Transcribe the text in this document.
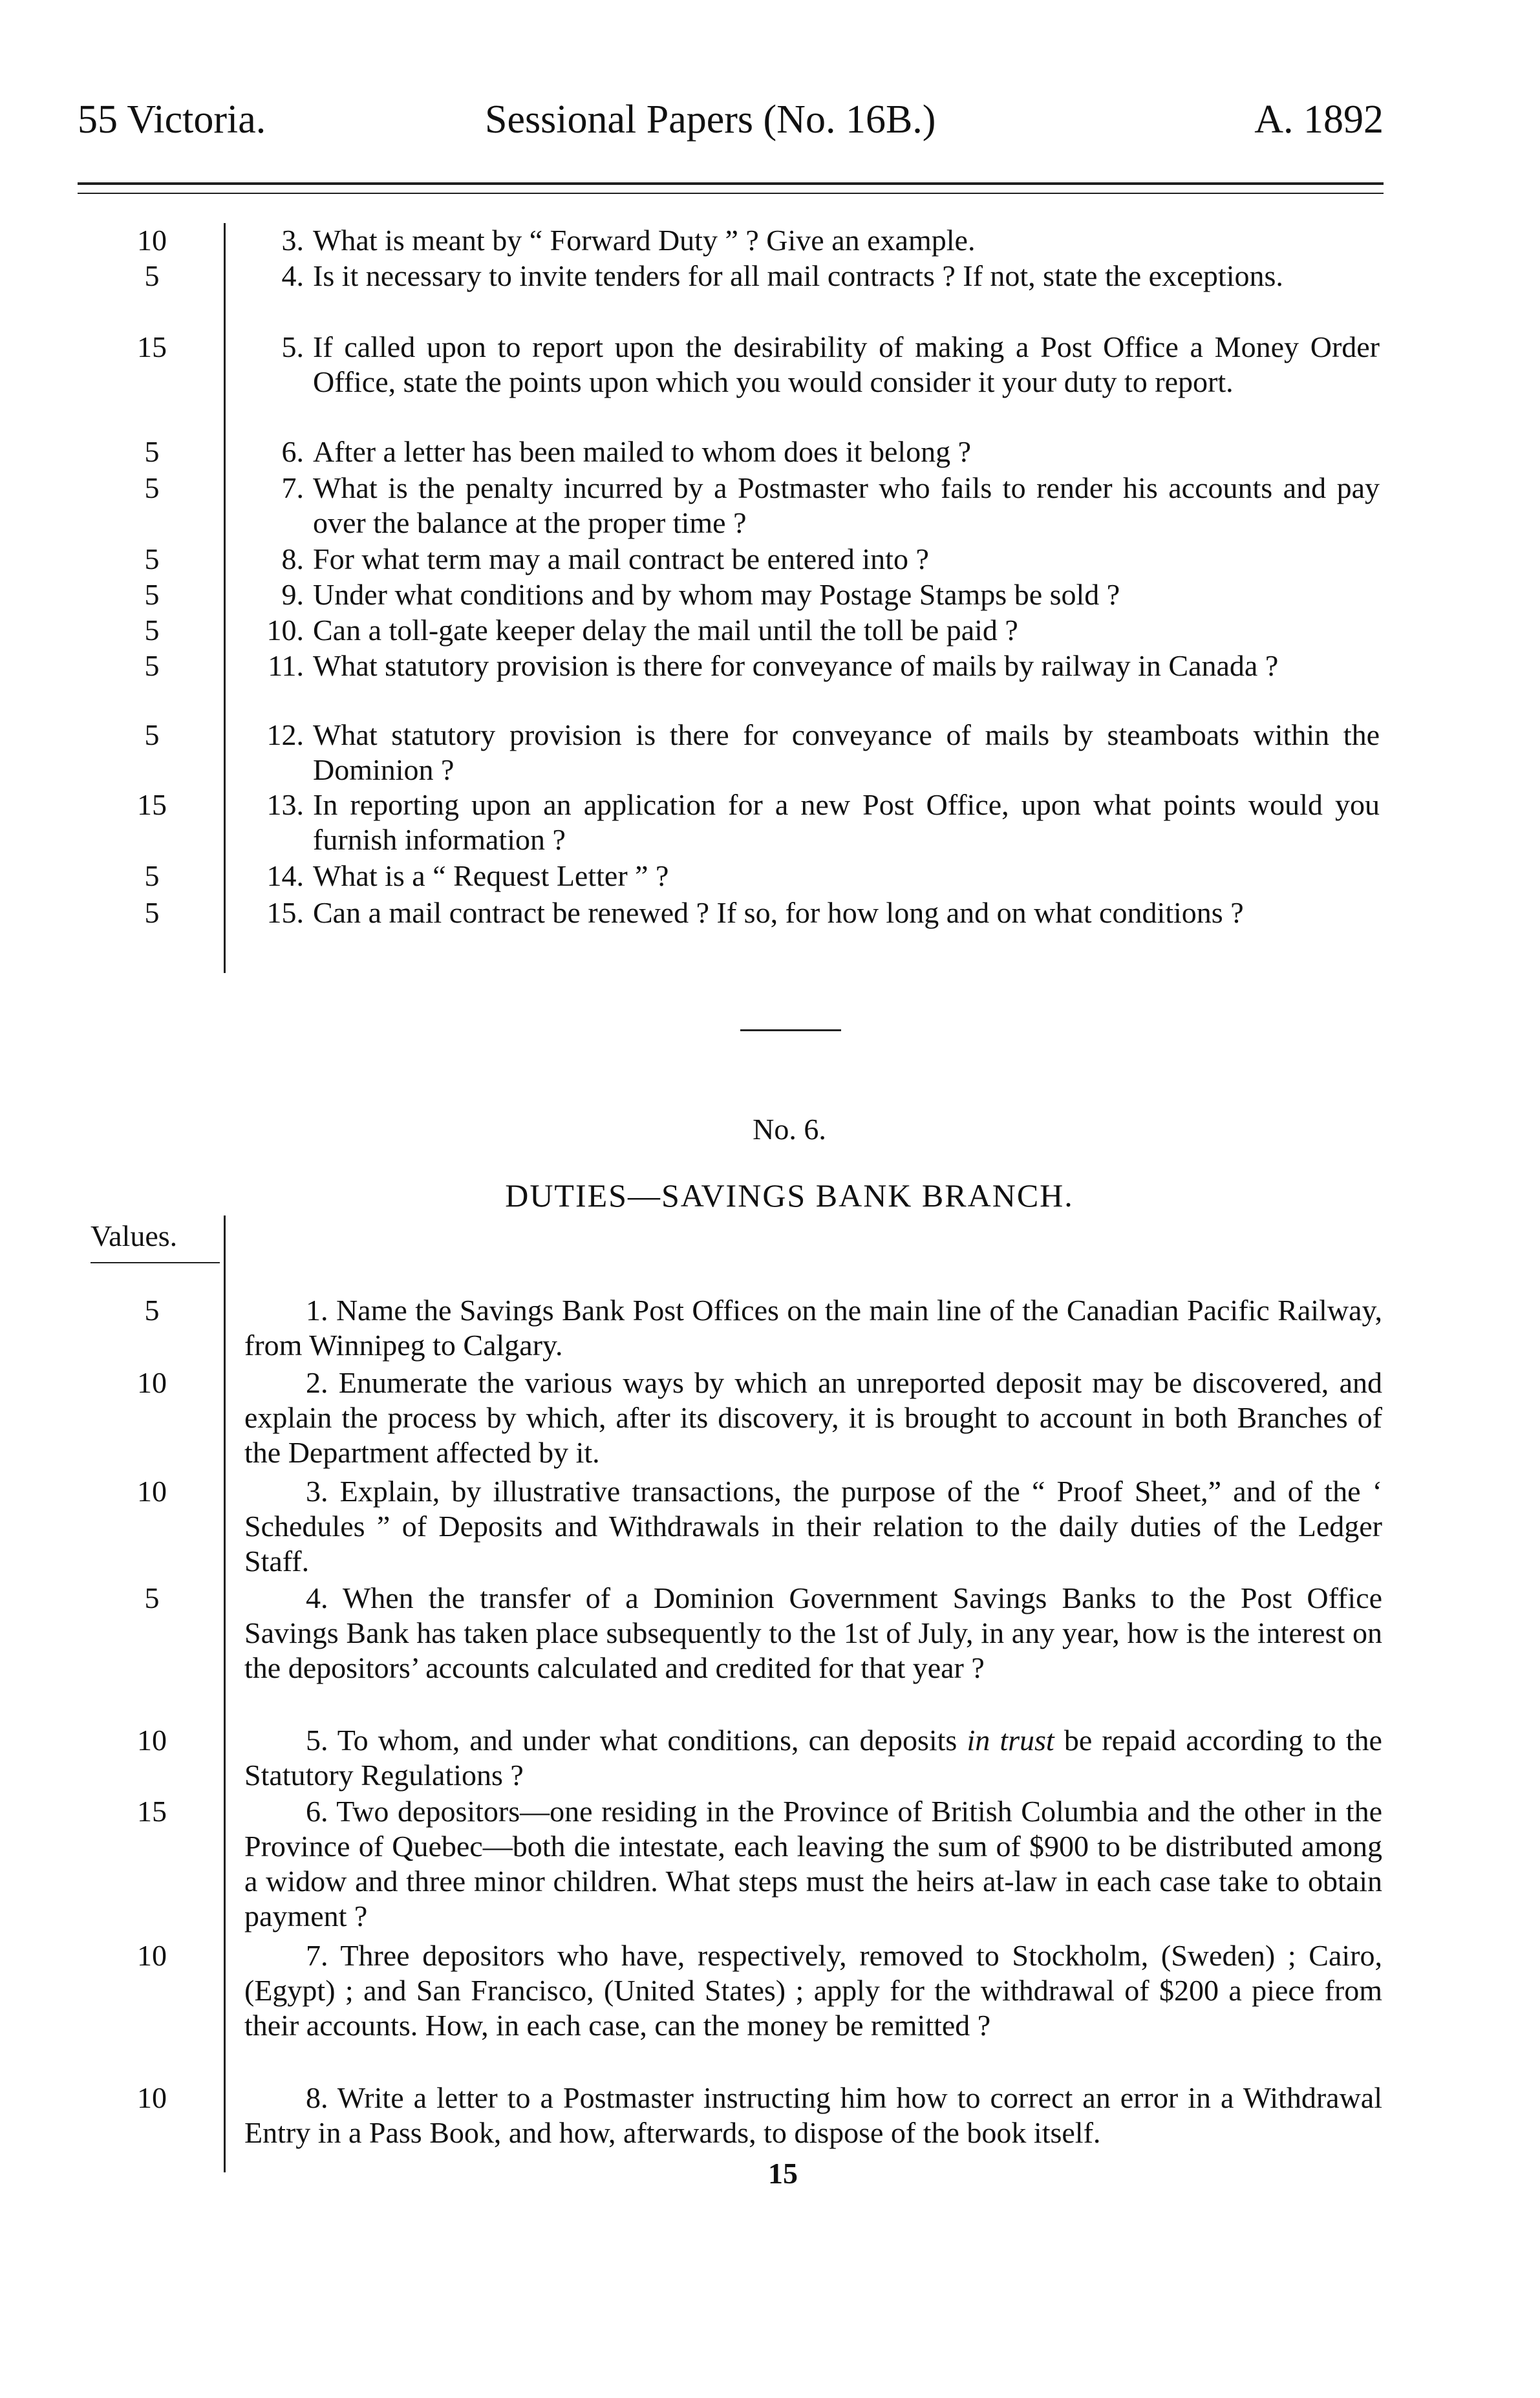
55 Victoria.	Sessional Papers (No. 16B.)	A. 1892
10	3. What is meant by “ Forward Duty ” ? Give an example.
5	4. Is it necessary to invite tenders for all mail contracts ? If not, state the exceptions.
15	5. If called upon to report upon the desirability of making a Post Office a Money Order Office, state the points upon which you would consider it your duty to report.
5	6. After a letter has been mailed to whom does it belong ?
5	7. What is the penalty incurred by a Postmaster who fails to render his accounts and pay over the balance at the proper time ?
5	8. For what term may a mail contract be entered into ?
5	9. Under what conditions and by whom may Postage Stamps be sold ?
5	10. Can a toll-gate keeper delay the mail until the toll be paid ?
5	11. What statutory provision is there for conveyance of mails by railway in Canada ?
5	12. What statutory provision is there for conveyance of mails by steamboats within the Dominion ?
15	13. In reporting upon an application for a new Post Office, upon what points would you furnish information ?
5	14. What is a “ Request Letter ” ?
5	15. Can a mail contract be renewed ? If so, for how long and on what conditions ?
No. 6.
DUTIES—SAVINGS BANK BRANCH.
Values.
5	1. Name the Savings Bank Post Offices on the main line of the Canadian Pacific Railway, from Winnipeg to Calgary.
10	2. Enumerate the various ways by which an unreported deposit may be discovered, and explain the process by which, after its discovery, it is brought to account in both Branches of the Department affected by it.
10	3. Explain, by illustrative transactions, the purpose of the “ Proof Sheet,” and of the ‘ Schedules ” of Deposits and Withdrawals in their relation to the daily duties of the Ledger Staff.
5	4. When the transfer of a Dominion Government Savings Banks to the Post Office Savings Bank has taken place subsequently to the 1st of July, in any year, how is the interest on the depositors’ accounts calculated and credited for that year ?
10	5. To whom, and under what conditions, can deposits in trust be repaid according to the Statutory Regulations ?
15	6. Two depositors—one residing in the Province of British Columbia and the other in the Province of Quebec—both die intestate, each leaving the sum of $900 to be distributed among a widow and three minor children. What steps must the heirs at-law in each case take to obtain payment ?
10	7. Three depositors who have, respectively, removed to Stockholm, (Sweden) ; Cairo, (Egypt) ; and San Francisco, (United States) ; apply for the withdrawal of $200 a piece from their accounts. How, in each case, can the money be remitted ?
10	8. Write a letter to a Postmaster instructing him how to correct an error in a Withdrawal Entry in a Pass Book, and how, afterwards, to dispose of the book itself.
15
